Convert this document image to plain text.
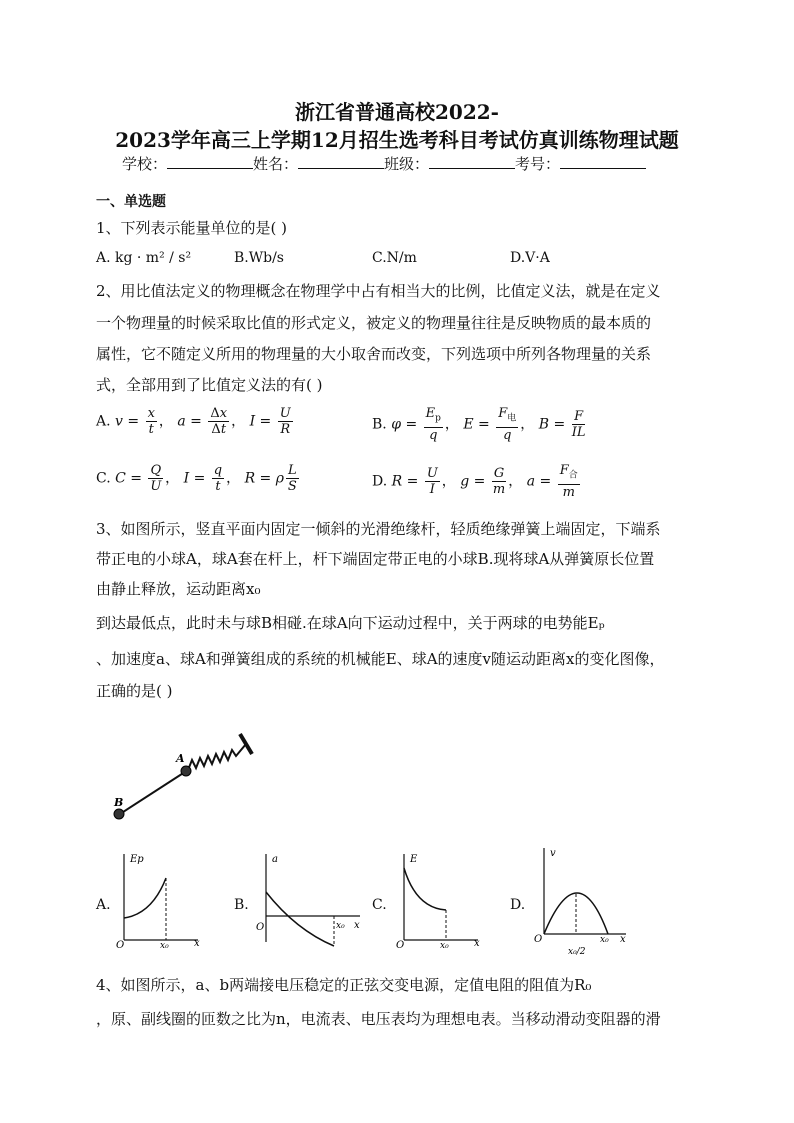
浙江省普通高校2022-
2023学年高三上学期12月招生选考科目考试仿真训练物理试题
学校：	姓名：	班级：	考号：
一、单选题
1、下列表示能量单位的是( )
A. kg · m² / s²	B.Wb/s	C.N/m	D.V·A
2、用比值法定义的物理概念在物理学中占有相当大的比例，比值定义法，就是在定义
一个物理量的时候采取比值的形式定义，被定义的物理量往往是反映物质的最本质的
属性，它不随定义所用的物理量的大小取舍而改变，下列选项中所列各物理量的关系
式，全部用到了比值定义法的有( )
A. $v = \frac{x}{t}$ ， $a = \frac{\Delta x}{\Delta t}$ ， $I = \frac{U}{R}$	B. $\varphi = \frac{E_p}{q}$ ， $E = \frac{F_电}{q}$ ， $B = \frac{F}{IL}$
C. $C = \frac{Q}{U}$ ， $I = \frac{q}{t}$ ， R = ρ $\frac{L}{S}$	D. $R = \frac{U}{I}$ ， $g = \frac{G}{m}$ ， $a = \frac{F_合}{m}$
3、如图所示，竖直平面内固定一倾斜的光滑绝缘杆，轻质绝缘弹簧上端固定，下端系
带正电的小球A，球A套在杆上，杆下端固定带正电的小球B.现将球A从弹簧原长位置
由静止释放，运动距离x₀
到达最低点，此时未与球B相碰.在球A向下运动过程中，关于两球的电势能Eₚ
、加速度a、球A和弹簧组成的系统的机械能E、球A的速度v随运动距离x的变化图像，
正确的是( )
A
B
A.
Ep
x
O	x₀
B.
a
x
O	x₀
C.
E
x
O	x₀
D.
v
x
O
x₀/2
x₀
4、如图所示，a、b两端接电压稳定的正弦交变电源，定值电阻的阻值为R₀
，原、副线圈的匝数之比为n，电流表、电压表均为理想电表。当移动滑动变阻器的滑
